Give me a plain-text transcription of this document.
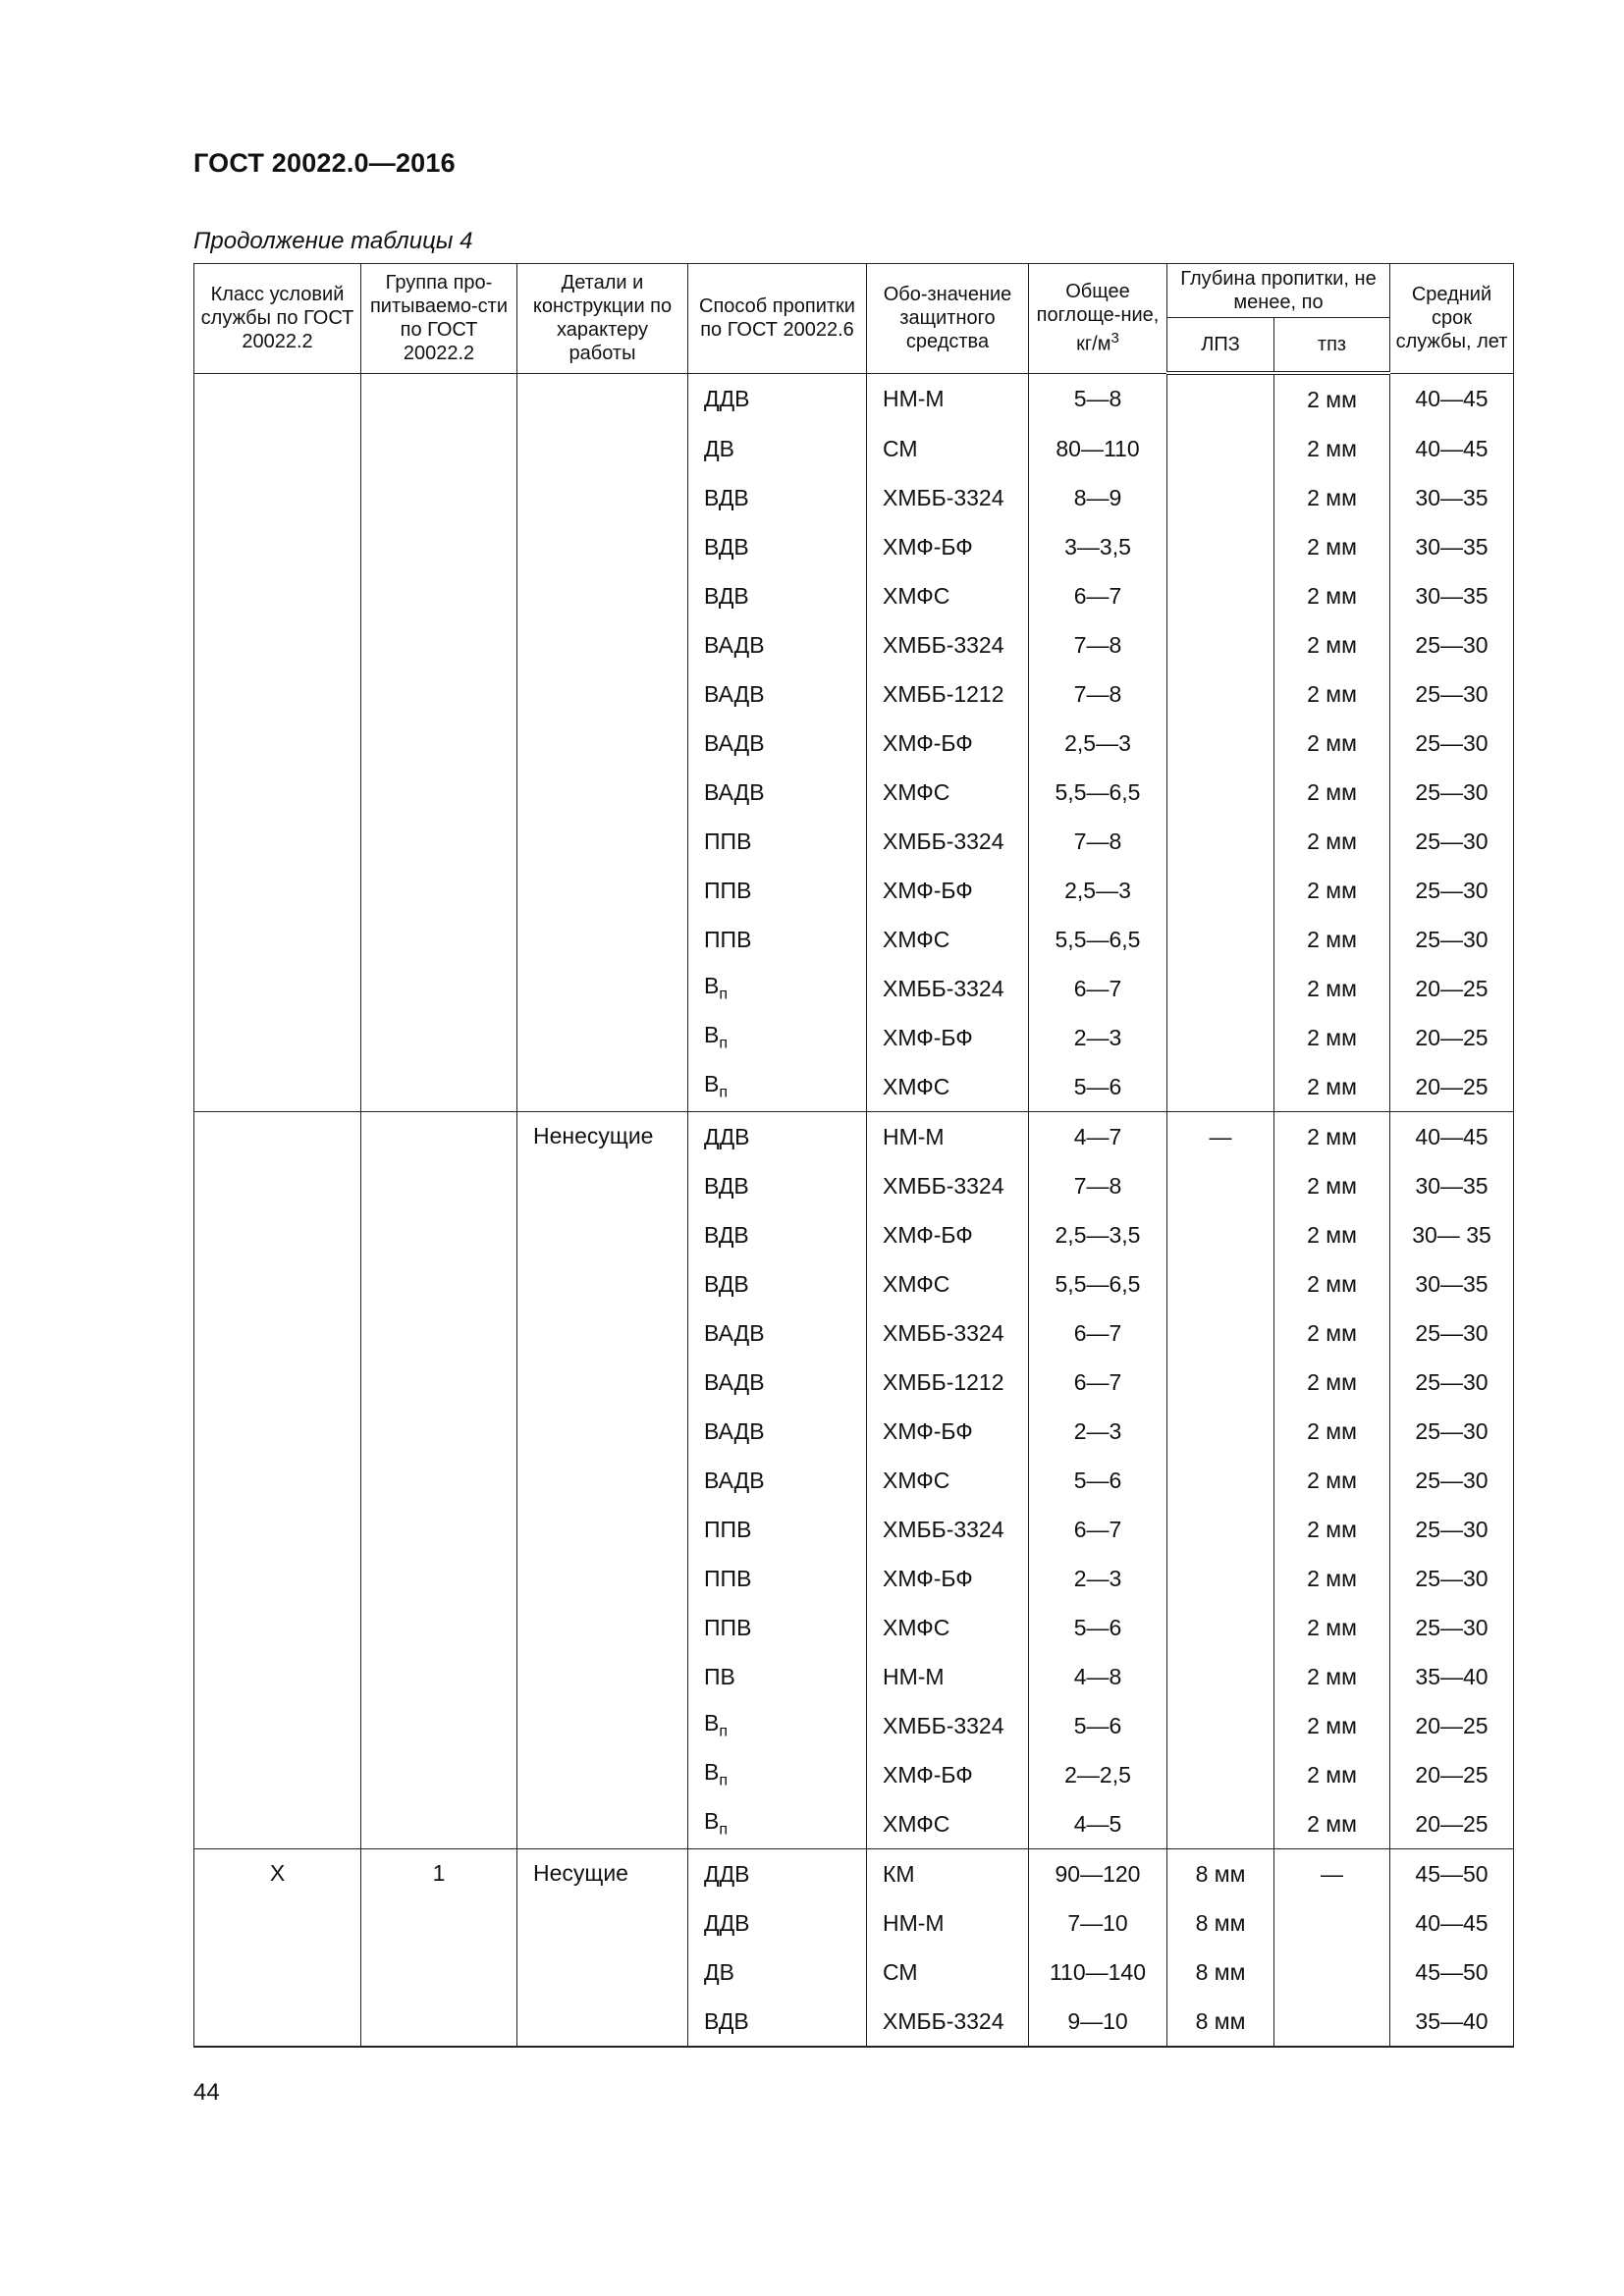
ГОСТ 20022.0—2016
Продолжение таблицы 4
Класс условий службы по ГОСТ 20022.2	Группа про-питываемо-сти по ГОСТ 20022.2	Детали и конструкции по характеру работы	Способ пропитки по ГОСТ 20022.6	Обо-значение защитного средства	Общее поглоще-ние, $кг/м^3$	Глубина пропитки, не менее, по		Средний срок службы, лет
						ЛПЗ	тпз	
			ДДВ	НМ-М	5—8		2 мм	40—45
			ДВ	СМ	80—110		2 мм	40—45
			ВДВ	ХМББ-3324	8—9		2 мм	30—35
			ВДВ	ХМФ-БФ	3—3,5		2 мм	30—35
			ВДВ	ХМФС	6—7		2 мм	30—35
			ВАДВ	ХМББ-3324	7—8		2 мм	25—30
			ВАДВ	ХМББ-1212	7—8		2 мм	25—30
			ВАДВ	ХМФ-БФ	2,5—3		2 мм	25—30
			ВАДВ	ХМФС	5,5—6,5		2 мм	25—30
			ППВ	ХМББ-3324	7—8		2 мм	25—30
			ППВ	ХМФ-БФ	2,5—3		2 мм	25—30
			ППВ	ХМФС	5,5—6,5		2 мм	25—30
			$В_п$	ХМББ-3324	6—7		2 мм	20—25
			$В_п$	ХМФ-БФ	2—3		2 мм	20—25
			$В_п$	ХМФС	5—6		2 мм	20—25
		Ненесущие	ДДВ	НМ-М	4—7	—	2 мм	40—45
			ВДВ	ХМББ-3324	7—8		2 мм	30—35
			ВДВ	ХМФ-БФ	2,5—3,5		2 мм	30— 35
			ВДВ	ХМФС	5,5—6,5		2 мм	30—35
			ВАДВ	ХМББ-3324	6—7		2 мм	25—30
			ВАДВ	ХМББ-1212	6—7		2 мм	25—30
			ВАДВ	ХМФ-БФ	2—3		2 мм	25—30
			ВАДВ	ХМФС	5—6		2 мм	25—30
			ППВ	ХМББ-3324	6—7		2 мм	25—30
			ППВ	ХМФ-БФ	2—3		2 мм	25—30
			ППВ	ХМФС	5—6		2 мм	25—30
			ПВ	НМ-М	4—8		2 мм	35—40
			$В_п$	ХМББ-3324	5—6		2 мм	20—25
			$В_п$	ХМФ-БФ	2—2,5		2 мм	20—25
			$В_п$	ХМФС	4—5		2 мм	20—25
X	1	Несущие	ДДВ	КМ	90—120	8 мм	—	45—50
			ДДВ	НМ-М	7—10	8 мм		40—45
			ДВ	СМ	110—140	8 мм		45—50
			ВДВ	ХМББ-3324	9—10	8 мм		35—40
44
